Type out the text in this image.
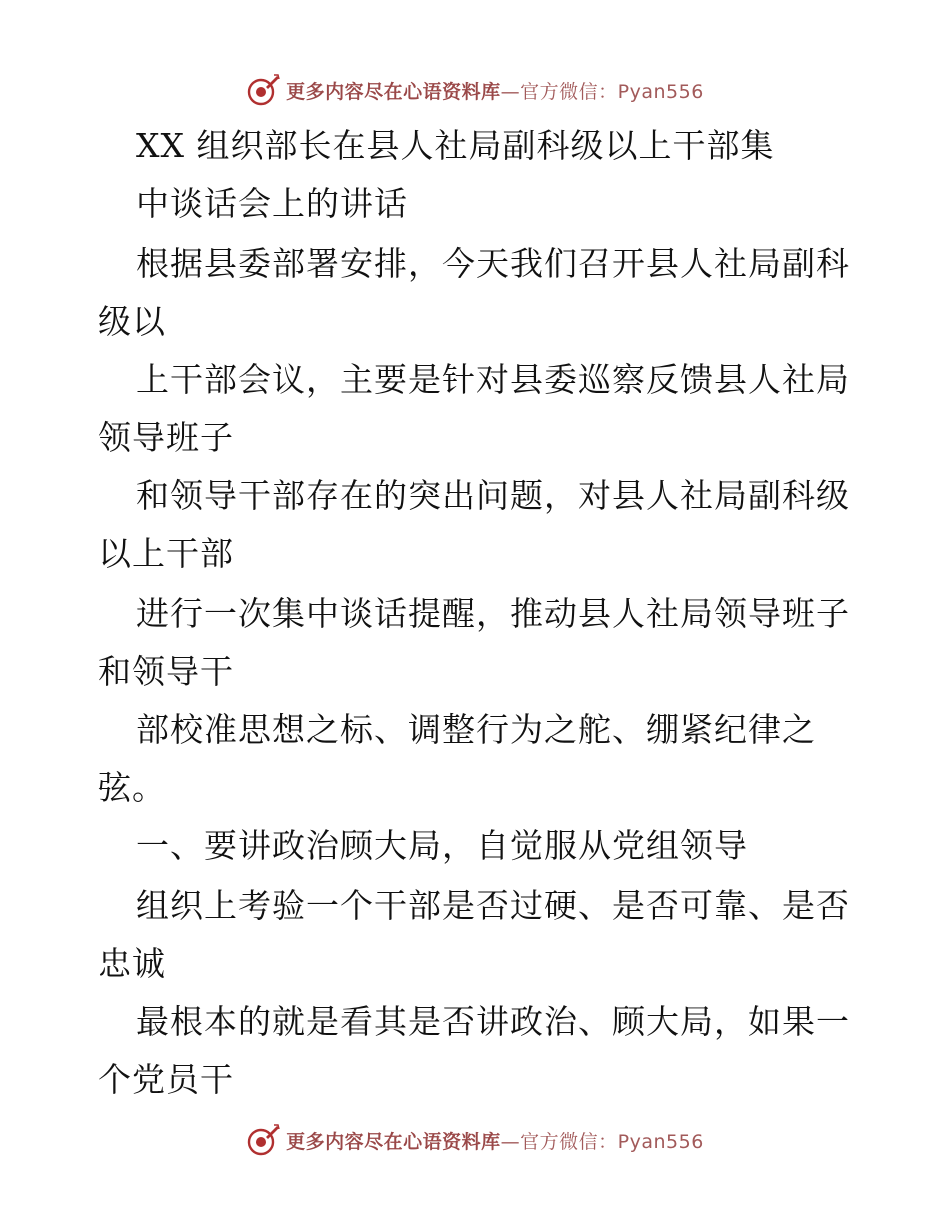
更多内容尽在心语资料库—官方微信：Pyan556
XX 组织部长在县人社局副科级以上干部集
中谈话会上的讲话
根据县委部署安排，今天我们召开县人社局副科
级以
上干部会议，主要是针对县委巡察反馈县人社局
领导班子
和领导干部存在的突出问题，对县人社局副科级
以上干部
进行一次集中谈话提醒，推动县人社局领导班子
和领导干
部校准思想之标、调整行为之舵、绷紧纪律之
弦。
一、要讲政治顾大局，自觉服从党组领导
组织上考验一个干部是否过硬、是否可靠、是否
忠诚
最根本的就是看其是否讲政治、顾大局，如果一
个党员干
更多内容尽在心语资料库—官方微信：Pyan556
